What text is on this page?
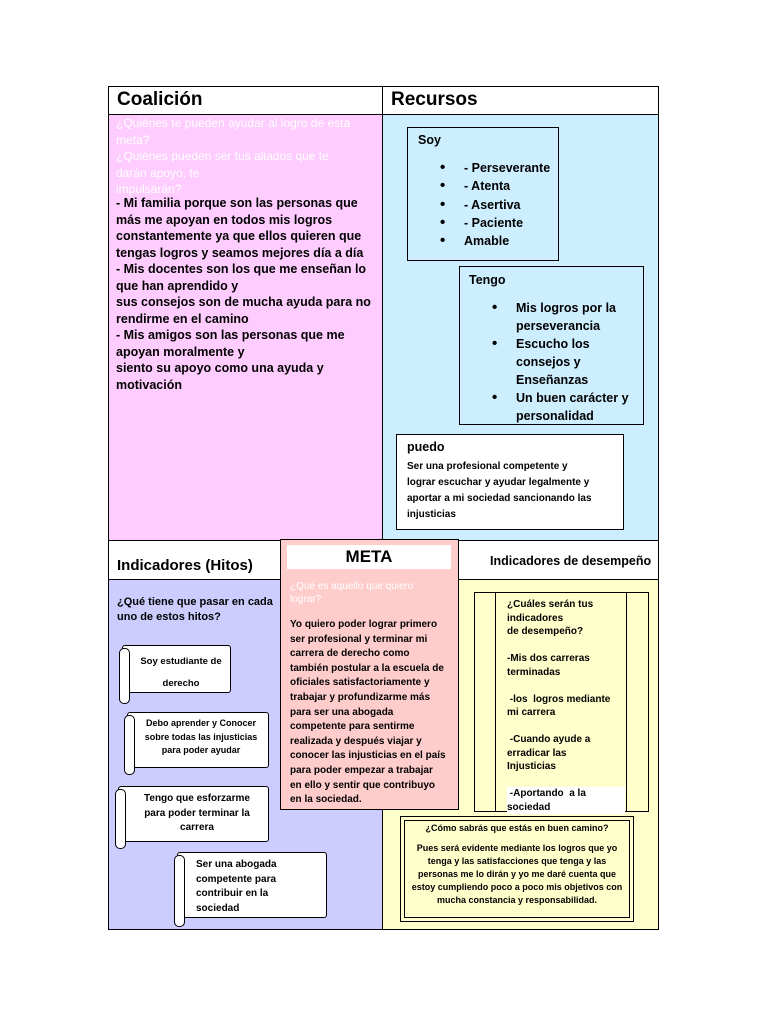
Coalición	Recursos
¿Quiénes te pueden ayudar al logro de esta
meta?
¿Quiénes pueden ser tus aliados que te
darán apoyo, te
impulsarán?
- Mi familia porque son las personas que
más me apoyan en todos mis logros
constantemente ya que ellos quieren que
tengas logros y seamos mejores día a día
- Mis docentes son los que me enseñan lo
que han aprendido y
sus consejos son de mucha ayuda para no
rendirme en el camino
- Mis amigos son las personas que me
apoyan moralmente y
siento su apoyo como una ayuda y
motivación
Soy
• - Perseverante
• - Atenta
• - Asertiva
• - Paciente
• Amable
Tengo
• Mis logros por la
perseverancia
• Escucho los
consejos y
Enseñanzas
• Un buen carácter y
personalidad
puedo
Ser una profesional competente y
lograr escuchar y ayudar legalmente y
aportar a mi sociedad sancionando las
injusticias
Indicadores (Hitos)	Indicadores de desempeño
¿Qué tiene que pasar en cada
uno de estos hitos?
Soy estudiante de
derecho
Debo aprender y Conocer
sobre todas las injusticias
para poder ayudar
Tengo que esforzarme
para poder terminar la
carrera
Ser una abogada
competente para
contribuir en la
sociedad
META
¿Qué es aquello que quiero
lograr?
Yo quiero poder lograr primero
ser profesional y terminar mi
carrera de derecho como
también postular a la escuela de
oficiales satisfactoriamente y
trabajar y profundizarme más
para ser una abogada
competente para sentirme
realizada y después viajar y
conocer las injusticias en el país
para poder empezar a trabajar
en ello y sentir que contribuyo
en la sociedad.
¿Cuáles serán tus
indicadores
de desempeño?
-Mis dos carreras
terminadas
-los  logros mediante
mi carrera
-Cuando ayude a
erradicar las
Injusticias
-Aportando  a la
sociedad
¿Cómo sabrás que estás en buen camino?
Pues será evidente mediante los logros que yo
tenga y las satisfacciones que tenga y las
personas me lo dirán y yo me daré cuenta que
estoy cumpliendo poco a poco mis objetivos con
mucha constancia y responsabilidad.
